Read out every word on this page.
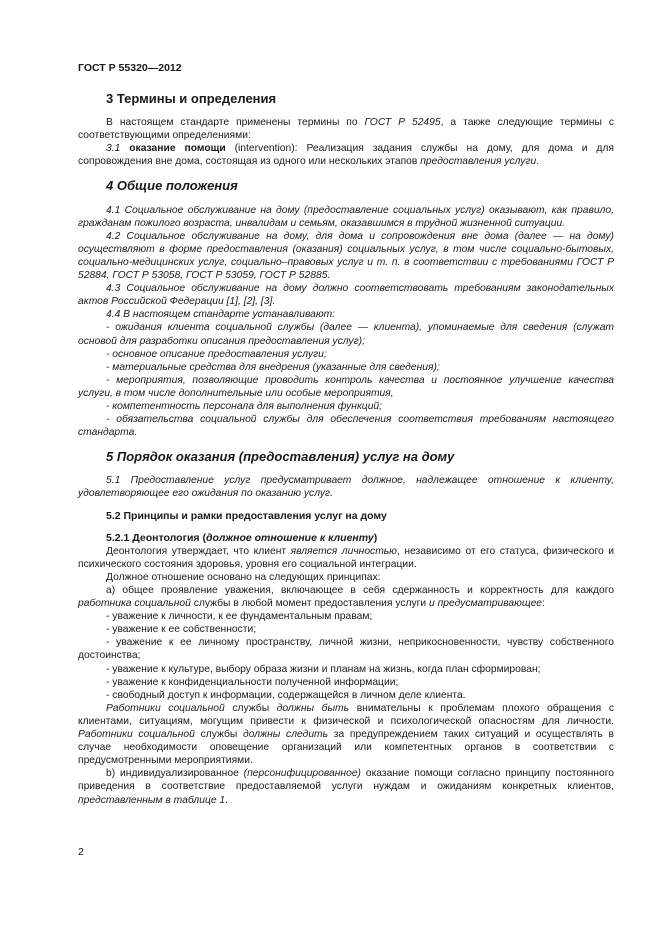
ГОСТ Р 55320—2012
3 Термины и определения

В настоящем стандарте применены термины по ГОСТ Р 52495, а также следующие термины с соответствующими определениями:

3.1 оказание помощи (intervention): Реализация задания службы на дому, для дома и для сопровождения вне дома, состоящая из одного или нескольких этапов предоставления услуги.

4 Общие положения

4.1 Социальное обслуживание на дому (предоставление социальных услуг) оказывают, как правило, гражданам пожилого возраста, инвалидам и семьям, оказавшимся в трудной жизненной ситуации.

4.2 Социальное обслуживание на дому, для дома и сопровождения вне дома (далее — на дому) осуществляют в форме предоставления (оказания) социальных услуг, в том числе социально-бытовых, социально-медицинских услуг, социально–правовых услуг и т. п. в соответствии с требованиями ГОСТ Р 52884, ГОСТ Р 53058, ГОСТ Р 53059, ГОСТ Р 52885.

4.3 Социальное обслуживание на дому должно соответствовать требованиям законодательных актов Российской Федерации [1], [2], [3].

4.4 В настоящем стандарте устанавливают:

- ожидания клиента социальной службы (далее — клиента), упоминаемые для сведения (служат основой для разработки описания предоставления услуг);

- основное описание предоставления услуги;

- материальные средства для внедрения (указанные для сведения);

- мероприятия, позволяющие проводить контроль качества и постоянное улучшение качества услуги, в том числе дополнительные или особые мероприятия,

- компетентность персонала для выполнения функций;

- обязательства социальной службы для обеспечения соответствия требованиям настоящего стандарта.

5 Порядок оказания (предоставления) услуг на дому

5.1 Предоставление услуг предусматривает должное, надлежащее отношение к клиенту, удовлетворяющее его ожидания по оказанию услуг.

5.2 Принципы и рамки предоставления услуг на дому
5.2.1 Деонтология (должное отношение к клиенту)

Деонтология утверждает, что клиент является личностью, независимо от его статуса, физического и психического состояния здоровья, уровня его социальной интеграции.

Должное отношение основано на следующих принципах:

а) общее проявление уважения, включающее в себя сдержанность и корректность для каждого работника социальной службы в любой момент предоставления услуги и предусматривающее:

- уважение к личности, к ее фундаментальным правам;

- уважение к ее собственности;

- уважение к ее личному пространству, личной жизни, неприкосновенности, чувству собственного достоинства;

- уважение к культуре, выбору образа жизни и планам на жизнь, когда план сформирован;

- уважение к конфиденциальности полученной информации;

- свободный доступ к информации, содержащейся в личном деле клиента.

Работники социальной службы должны быть внимательны к проблемам плохого обращения с клиентами, ситуациям, могущим привести к физической и психологической опасностям для личности. Работники социальной службы должны следить за предупреждением таких ситуаций и осуществлять в случае необходимости оповещение организаций или компетентных органов в соответствии с предусмотренными мероприятиями.

b) индивидуализированное (персонифицированное) оказание помощи согласно принципу постоянного приведения в соответствие предоставляемой услуги нуждам и ожиданиям конкретных клиентов, представленным в таблице 1.

2
